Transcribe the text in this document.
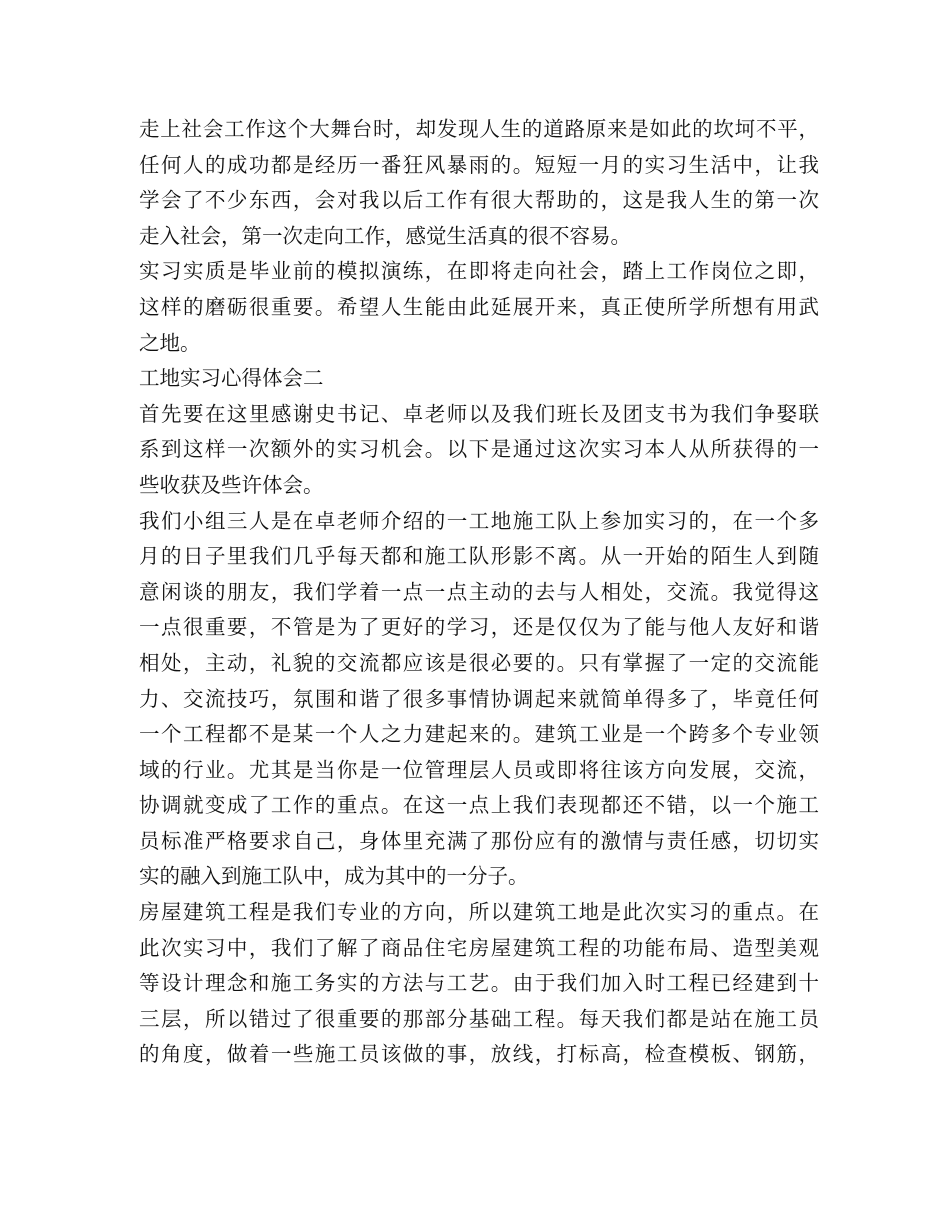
走上社会工作这个大舞台时，却发现人生的道路原来是如此的坎坷不平，
任何人的成功都是经历一番狂风暴雨的。短短一月的实习生活中，让我
学会了不少东西，会对我以后工作有很大帮助的，这是我人生的第一次
走入社会，第一次走向工作，感觉生活真的很不容易。
实习实质是毕业前的模拟演练，在即将走向社会，踏上工作岗位之即，
这样的磨砺很重要。希望人生能由此延展开来，真正使所学所想有用武
之地。
工地实习心得体会二
首先要在这里感谢史书记、卓老师以及我们班长及团支书为我们争娶联
系到这样一次额外的实习机会。以下是通过这次实习本人从所获得的一
些收获及些许体会。
我们小组三人是在卓老师介绍的一工地施工队上参加实习的，在一个多
月的日子里我们几乎每天都和施工队形影不离。从一开始的陌生人到随
意闲谈的朋友，我们学着一点一点主动的去与人相处，交流。我觉得这
一点很重要，不管是为了更好的学习，还是仅仅为了能与他人友好和谐
相处，主动，礼貌的交流都应该是很必要的。只有掌握了一定的交流能
力、交流技巧，氛围和谐了很多事情协调起来就简单得多了，毕竟任何
一个工程都不是某一个人之力建起来的。建筑工业是一个跨多个专业领
域的行业。尤其是当你是一位管理层人员或即将往该方向发展，交流，
协调就变成了工作的重点。在这一点上我们表现都还不错，以一个施工
员标准严格要求自己，身体里充满了那份应有的激情与责任感，切切实
实的融入到施工队中，成为其中的一分子。
房屋建筑工程是我们专业的方向，所以建筑工地是此次实习的重点。在
此次实习中，我们了解了商品住宅房屋建筑工程的功能布局、造型美观
等设计理念和施工务实的方法与工艺。由于我们加入时工程已经建到十
三层，所以错过了很重要的那部分基础工程。每天我们都是站在施工员
的角度，做着一些施工员该做的事，放线，打标高，检查模板、钢筋，
